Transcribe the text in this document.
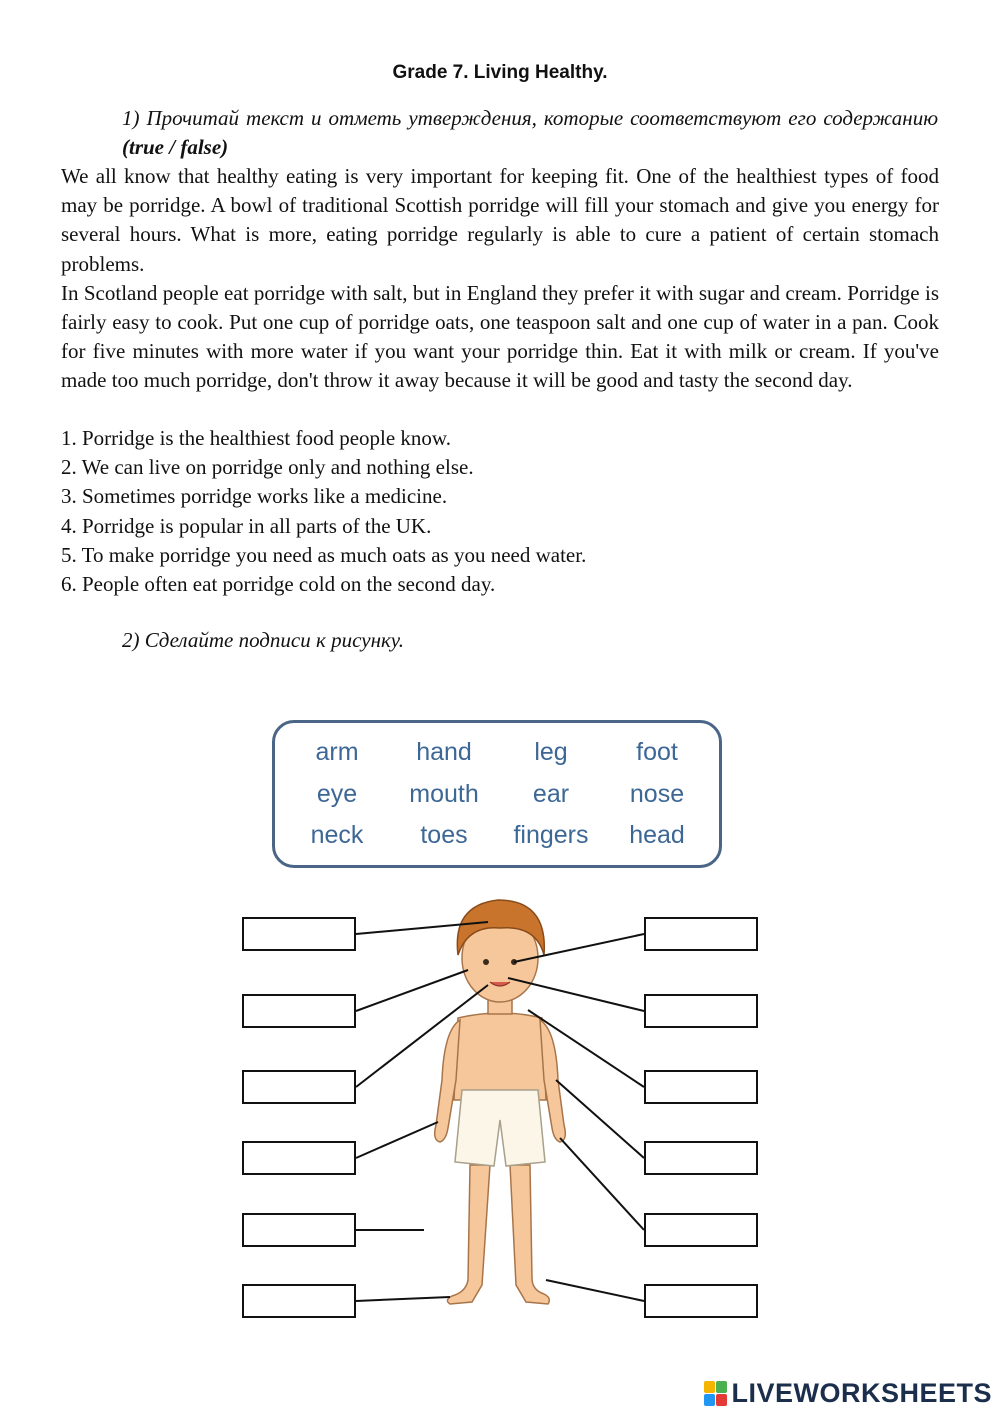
Grade 7. Living Healthy.
1) Прочитай текст и отметь утверждения, которые соответствуют его содержанию (true / false)

We all know that healthy eating is very important for keeping fit. One of the healthiest types of food may be porridge. A bowl of traditional Scottish porridge will fill your stomach and give you energy for several hours. What is more, eating porridge regularly is able to cure a patient of certain stomach problems.

In Scotland people eat porridge with salt, but in England they prefer it with sugar and cream. Porridge is fairly easy to cook. Put one cup of porridge oats, one teaspoon salt and one cup of water in a pan. Cook for five minutes with more water if you want your porridge thin. Eat it with milk or cream. If you've made too much porridge, don't throw it away because it will be good and tasty the second day.

1. Porridge is the healthiest food people know.
2. We can live on porridge only and nothing else.
3. Sometimes porridge works like a medicine.
4. Porridge is popular in all parts of the UK.
5. To make porridge you need as much oats as you need water.
6. People often eat porridge cold on the second day.
2) Сделайте подписи к рисунку.
arm	hand	leg	foot
eye	mouth	ear	nose
neck	toes	fingers	head
LIVEWORKSHEETS
